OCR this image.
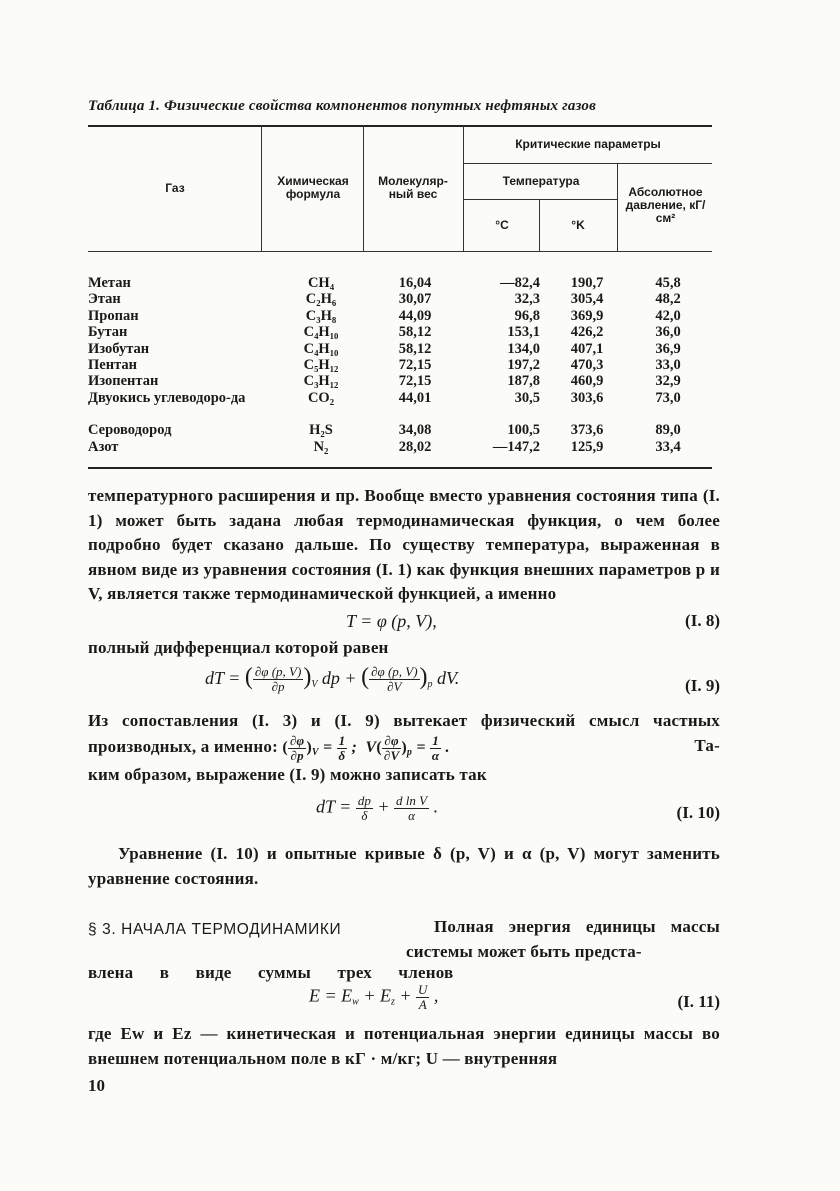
Таблица 1. Физические свойства компонентов попутных нефтяных газов
Газ	Химическая формула
Молекуляр-ный вес
Критические параметры
Температура
°C	°K
Абсолютное давление, кГ/см²
Метан	CH₄	16,04	—82,4	190,7	45,8
Этан	C₂H₆	30,07	32,3	305,4	48,2
Пропан	C₃H₈	44,09	96,8	369,9	42,0
Бутан	C₄H₁₀	58,12	153,1	426,2	36,0
Изобутан	C₄H₁₀	58,12	134,0	407,1	36,9
Пентан	C₅H₁₂	72,15	197,2	470,3	33,0
Изопентан	C₃H₁₂	72,15	187,8	460,9	32,9
Двуокись углеводоро-да	CO₂	44,01	30,5	303,6	73,0
Сероводород	H₂S	34,08	100,5	373,6	89,0
Азот	N₂	28,02	—147,2	125,9	33,4
температурного расширения и пр. Вообще вместо уравнения состояния типа (I. 1) может быть задана любая термодинамическая функция, о чем более подробно будет сказано дальше. По существу температура, выраженная в явном виде из уравнения состояния (I. 1) как функция внешних параметров p и V, является также термодинамической функцией, а именно
T = φ (p, V),	(I. 8)
полный дифференциал которой равен
dT = ( $\frac{\partial\varphi (p, V)}{\partial p} )_V$ dp + ( $\frac{\partial\varphi (p, V)}{\partial V} )_p$ dV.	(I. 9)
Из сопоставления (I. 3) и (I. 9) вытекает физический смысл частных производных, а именно: ( $\frac{\partial\varphi}{\partial p} )_V = \frac{1}{\delta}$ ;  $V( \frac{\partial\varphi}{\partial V} )_p = \frac{1}{\alpha}$ .	Та-

ким образом, выражение (I. 9) можно записать так
dT = $\frac{dp}{\delta} + \frac{\text{d ln V}}{\alpha}$ .	(I. 10)
Уравнение (I. 10) и опытные кривые δ (p, V) и α (p, V) могут заменить уравнение состояния.
§ 3. НАЧАЛА ТЕРМОДИНАМИКИ	Полная энергия единицы массы системы может быть предста-
влена в виде суммы трех членов
$E = E_w + E_z + \frac{U}{A}$ ,	(I. 11)
где Ew и Ez — кинетическая и потенциальная энергии единицы массы во внешнем потенциальном поле в кГ · м/кг; U — внутренняя
10
